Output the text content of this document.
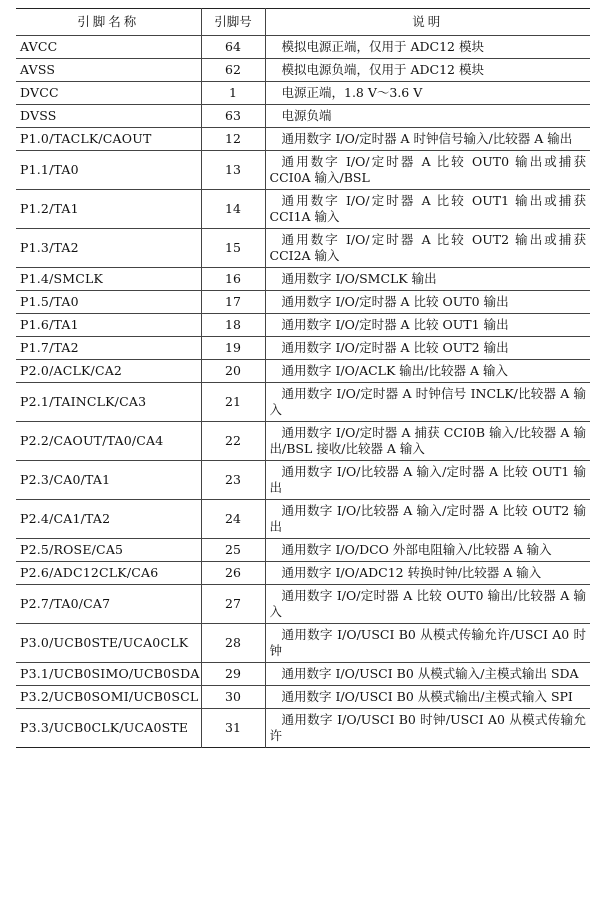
引脚名称	引脚号	说明
AVCC	64	模拟电源正端，仅用于 ADC12 模块
AVSS	62	模拟电源负端，仅用于 ADC12 模块
DVCC	1	电源正端，1.8 V～3.6 V
DVSS	63	电源负端
P1.0/TACLK/CAOUT	12	通用数字 I/O/定时器 A 时钟信号输入/比较器 A 输出
P1.1/TA0	13	通用数字 I/O/定时器 A 比较 OUT0 输出或捕获 CCI0A 输入/BSL
P1.2/TA1	14	通用数字 I/O/定时器 A 比较 OUT1 输出或捕获 CCI1A 输入
P1.3/TA2	15	通用数字 I/O/定时器 A 比较 OUT2 输出或捕获 CCI2A 输入
P1.4/SMCLK	16	通用数字 I/O/SMCLK 输出
P1.5/TA0	17	通用数字 I/O/定时器 A 比较 OUT0 输出
P1.6/TA1	18	通用数字 I/O/定时器 A 比较 OUT1 输出
P1.7/TA2	19	通用数字 I/O/定时器 A 比较 OUT2 输出
P2.0/ACLK/CA2	20	通用数字 I/O/ACLK 输出/比较器 A 输入
P2.1/TAINCLK/CA3	21	通用数字 I/O/定时器 A 时钟信号 INCLK/比较器 A 输入
P2.2/CAOUT/TA0/CA4	22	通用数字 I/O/定时器 A 捕获 CCI0B 输入/比较器 A 输出/BSL 接收/比较器 A 输入
P2.3/CA0/TA1	23	通用数字 I/O/比较器 A 输入/定时器 A 比较 OUT1 输出
P2.4/CA1/TA2	24	通用数字 I/O/比较器 A 输入/定时器 A 比较 OUT2 输出
P2.5/ROSE/CA5	25	通用数字 I/O/DCO 外部电阻输入/比较器 A 输入
P2.6/ADC12CLK/CA6	26	通用数字 I/O/ADC12 转换时钟/比较器 A 输入
P2.7/TA0/CA7	27	通用数字 I/O/定时器 A 比较 OUT0 输出/比较器 A 输入
P3.0/UCB0STE/UCA0CLK	28	通用数字 I/O/USCI B0 从模式传输允许/USCI A0 时钟
P3.1/UCB0SIMO/UCB0SDA	29	通用数字 I/O/USCI B0 从模式输入/主模式输出 SDA
P3.2/UCB0SOMI/UCB0SCL	30	通用数字 I/O/USCI B0 从模式输出/主模式输入 SPI
P3.3/UCB0CLK/UCA0STE	31	通用数字 I/O/USCI B0 时钟/USCI A0 从模式传输允许
